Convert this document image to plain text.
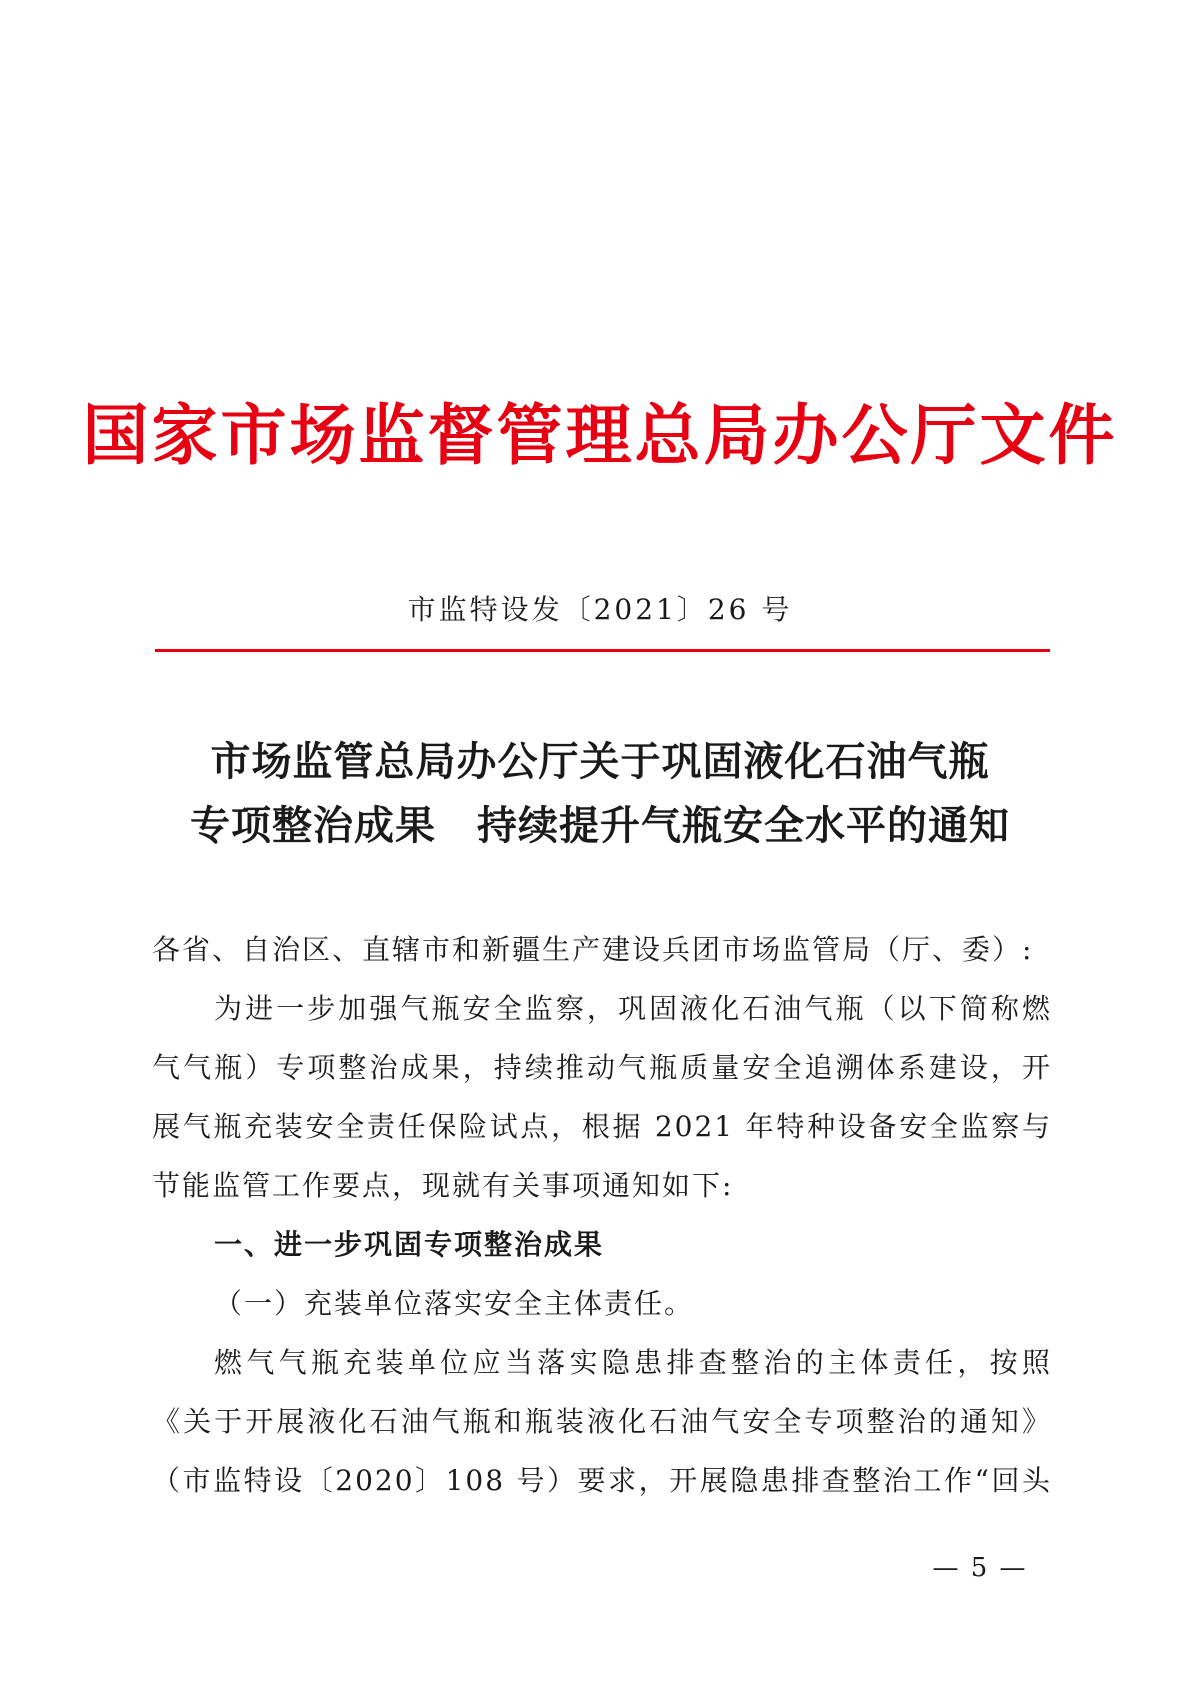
国家市场监督管理总局办公厅文件
市监特设发〔2021〕26 号
市场监管总局办公厅关于巩固液化石油气瓶
专项整治成果　持续提升气瓶安全水平的通知
各省、自治区、直辖市和新疆生产建设兵团市场监管局（厅、委）:
为进一步加强气瓶安全监察，巩固液化石油气瓶（以下简称燃
气气瓶）专项整治成果，持续推动气瓶质量安全追溯体系建设，开
展气瓶充装安全责任保险试点，根据 2021 年特种设备安全监察与
节能监管工作要点，现就有关事项通知如下:
一、进一步巩固专项整治成果
（一）充装单位落实安全主体责任。
燃气气瓶充装单位应当落实隐患排查整治的主体责任，按照
《关于开展液化石油气瓶和瓶装液化石油气安全专项整治的通知》
（市监特设〔2020〕108 号）要求，开展隐患排查整治工作“回头
— 5 —
